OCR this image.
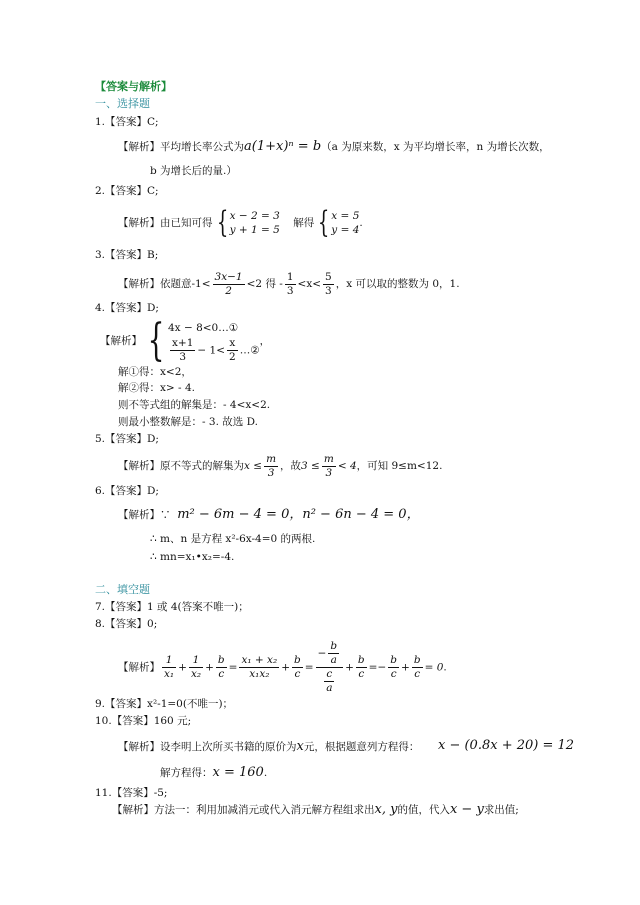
【答案与解析】
一、选择题
1.【答案】C;
【解析】平均增长率公式为a(1+x)ⁿ = b（a 为原来数，x 为平均增长率，n 为增长次数，
b 为增长后的量.）
2.【答案】C;
【解析】由已知可得 { x − 2 = 3
y + 1 = 5
解得 { x = 5
y = 4
.
3.【答案】B;
【解析】依题意$-1< \frac{3x-1}{2} <2$ 得 - $\frac{1}{3} <x< \frac{5}{3}$ ，x 可以取的整数为 0，1.
4.【答案】D;
【解析】 { 4x − 8<0…①
$\frac{x+1}{3} - 1< \frac{x}{2}$ …②
，
解①得：x<2，
解②得：x> - 4.
则不等式组的解集是：- 4<x<2.
则最小整数解是：- 3. 故选 D.
5.【答案】D;
【解析】原不等式的解集为$x \le \frac{m}{3}$ ，故$3 \le \frac{m}{3} < 4$，可知 9≤m<12.
6.【答案】D;
【解析】∵ m² − 6m − 4 = 0，n² − 6n − 4 = 0，
∴ m、n 是方程 x²-6x-4=0 的两根.
∴ mn=x₁•x₂=-4.
二、填空题
7.【答案】1 或 4(答案不唯一)；
8.【答案】0;
【解析】 $\frac{1}{\text{x₁}} + \frac{1}{\text{x₂}} + \frac{b}{c} = \frac{\text{x₁ + x₂}}{\text{x₁x₂}} + \frac{b}{c} = \frac{- \frac{b}{a}}{\frac{c}{a}} + \frac{b}{c} =- \frac{b}{c} + \frac{b}{c} = 0$.
9.【答案】x²-1=0(不唯一)；
10.【答案】160 元;
【解析】设李明上次所买书籍的原价为x元，根据题意列方程得： x − (0.8x + 20) = 12
解方程得：x = 160.
11.【答案】-5;
【解析】方法一：利用加减消元或代入消元解方程组求出x, y的值，代入x − y求出值;
